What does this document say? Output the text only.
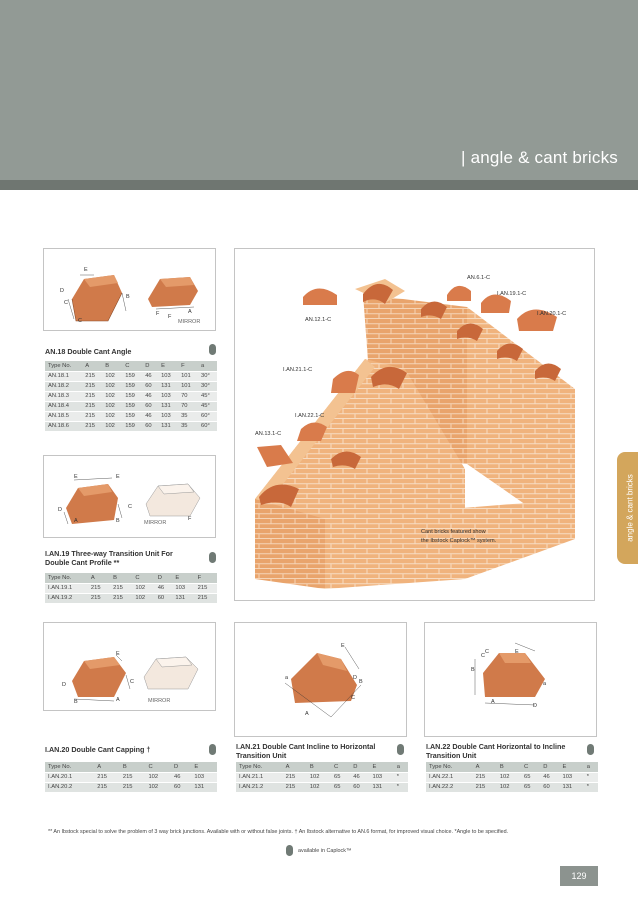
| angle & cant bricks
E
D
C
C
B
F F
A
MIRROR
AN.18 Double Cant Angle
Type No.	A	B	C	D	E	F	a
AN.18.1	215	102	159	46	103	101	30°
AN.18.2	215	102	159	60	131	101	30°
AN.18.3	215	102	159	46	103	70	45°
AN.18.4	215	102	159	60	131	70	45°
AN.18.5	215	102	159	46	103	35	60°
AN.18.6	215	102	159	60	131	35	60°
E	E
D
A	B
C
F
MIRROR
I.AN.19 Three-way Transition Unit For
Double Cant Profile **
Type No.	A	B	C	D	E	F
I.AN.19.1	215	215	102	46	103	215
I.AN.19.2	215	215	102	60	131	215
E
D
B	A
C
MIRROR
I.AN.20 Double Cant Capping †
Type No.	A	B	C	D	E
I.AN.20.1	215	215	102	46	103
I.AN.20.2	215	215	102	60	131
AN.6.1-C
I.AN.19.1-C
I.AN.20.1-C
AN.12.1-C
I.AN.21.1-C
I.AN.22.1-C
AN.13.1-C
Cant bricks featured show
the Ibstock Caplock™ system.
E
D
B
C
A
a
I.AN.21 Double Cant Incline to Horizontal
Transition Unit
Type No.	A	B	C	D	E	a
I.AN.21.1	215	102	65	46	103	*
I.AN.21.2	215	102	65	60	131	*
C
C	E
B
A
D
a
I.AN.22 Double Cant Horizontal to Incline
Transition Unit
Type No.	A	B	C	D	E	a
I.AN.22.1	215	102	65	46	103	*
I.AN.22.2	215	102	65	60	131	*
angle & cant bricks
** An Ibstock special to solve the problem of 3 way brick junctions. Available with or without false joints. † An Ibstock alternative to AN.6 format, for improved visual choice. *Angle to be specified.
available in Caplock™
129
